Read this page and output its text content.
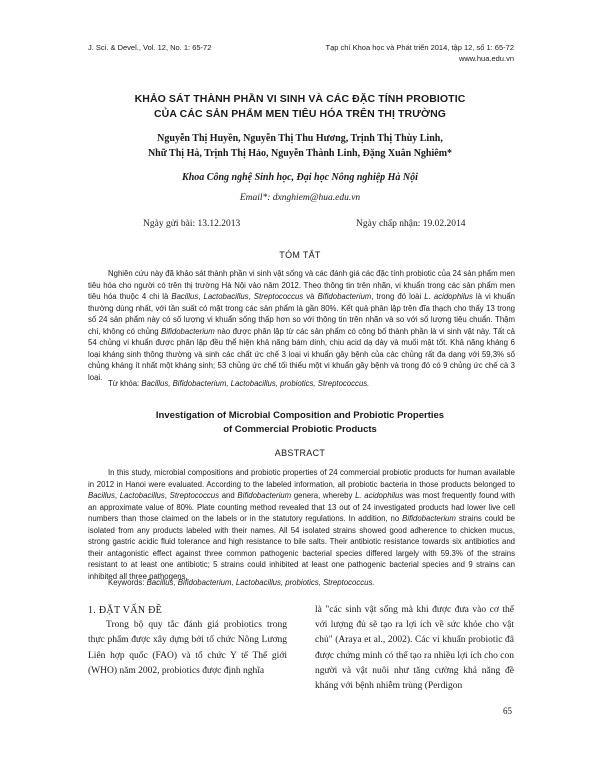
J. Sci. & Devel., Vol. 12, No. 1: 65-72	Tạp chí Khoa học và Phát triển 2014, tập 12, số 1: 65-72
www.hua.edu.vn
KHẢO SÁT THÀNH PHẦN VI SINH VÀ CÁC ĐẶC TÍNH PROBIOTIC
CỦA CÁC SẢN PHẨM MEN TIÊU HÓA TRÊN THỊ TRƯỜNG
Nguyễn Thị Huyền, Nguyễn Thị Thu Hương, Trịnh Thị Thùy Linh,
Nhữ Thị Hà, Trịnh Thị Hảo, Nguyễn Thành Linh, Đặng Xuân Nghiêm*
Khoa Công nghệ Sinh học, Đại học Nông nghiệp Hà Nội
Email*: dxnghiem@hua.edu.vn
Ngày gửi bài: 13.12.2013	Ngày chấp nhận: 19.02.2014
TÓM TẮT

Nghiên cứu này đã khảo sát thành phần vi sinh vật sống và các đánh giá các đặc tính probiotic của 24 sản phẩm men tiêu hóa cho người có trên thị trường Hà Nội vào năm 2012. Theo thông tin trên nhãn, vi khuẩn trong các sản phẩm men tiêu hóa thuộc 4 chi là Bacillus, Lactobacillus, Streptococcus và Bifidobacterium, trong đó loài L. acidophilus là vi khuẩn thường dùng nhất, với tần suất có mặt trong các sản phẩm là gần 80%. Kết quả phân lập trên đĩa thạch cho thấy 13 trong số 24 sản phẩm này có số lượng vi khuẩn sống thấp hơn so với thông tin trên nhãn và so với số lượng tiêu chuẩn. Thậm chí, không có chủng Bifidobacterium nào được phân lập từ các sản phẩm có công bố thành phần là vi sinh vật này. Tất cả 54 chủng vi khuẩn được phân lập đều thể hiện khả năng bám dính, chịu acid dạ dày và muối mật tốt. Khả năng kháng 6 loại kháng sinh thông thường và sinh các chất ức chế 3 loại vi khuẩn gây bệnh của các chủng rất đa dạng với 59,3% số chủng kháng ít nhất một kháng sinh; 53 chủng ức chế tối thiểu một vi khuẩn gây bệnh và trong đó có 9 chủng ức chế cả 3 loại.

Từ khóa: Bacillus, Bifidobacterium, Lactobacillus, probiotics, Streptococcus.
Investigation of Microbial Composition and Probiotic Properties
of Commercial Probiotic Products
ABSTRACT

In this study, microbial compositions and probiotic properties of 24 commercial probiotic products for human available in 2012 in Hanoi were evaluated. According to the labeled information, all probiotic bacteria in those products belonged to Bacillus, Lactobacillus, Streptococcus and Bifidobacterium genera, whereby L. acidophilus was most frequently found with an approximate value of 80%. Plate counting method revealed that 13 out of 24 investigated products had lower live cell numbers than those claimed on the labels or in the statutory regulations. In addition, no Bifidobacterium strains could be isolated from any products labeled with their names. All 54 isolated strains showed good adherence to chicken mucus, strong gastric acidic fluid tolerance and high resistance to bile salts. Their antibiotic resistance towards six antibiotics and their antagonistic effect against three common pathogenic bacterial species differed largely with 59.3% of the strains resistant to at least one antibiotic; 5 strains could inhibited at least one pathogenic bacterial species and 9 strains can inhibited all three pathogens.

Keywords: Bacillus, Bifidobacterium, Lactobacillus, probiotics, Streptococcus.

1. ĐẶT VẤN ĐỀ

Trong bộ quy tắc đánh giá probiotics trong thực phẩm được xây dựng bởi tổ chức Nông Lương Liên hợp quốc (FAO) và tổ chức Y tế Thế giới (WHO) năm 2002, probiotics được định nghĩa

là "các sinh vật sống mà khi được đưa vào cơ thể với lượng đủ sẽ tạo ra lợi ích về sức khỏe cho vật chủ" (Araya et al., 2002). Các vi khuẩn probiotic đã được chứng minh có thể tạo ra nhiều lợi ích cho con người và vật nuôi như tăng cường khả năng đề kháng với bệnh nhiễm trùng (Perdigon

65
